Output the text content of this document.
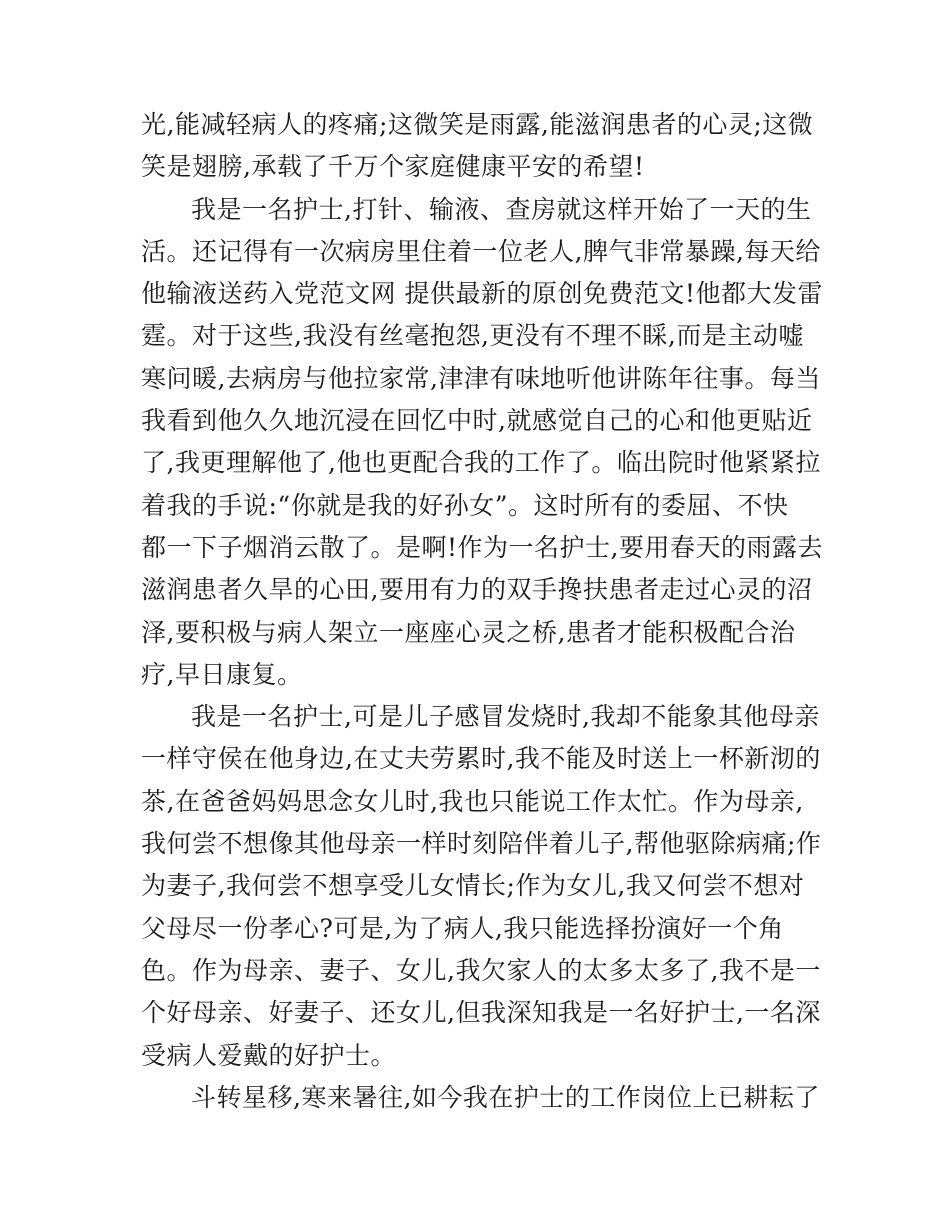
光,能减轻病人的疼痛;这微笑是雨露,能滋润患者的心灵;这微
笑是翅膀,承载了千万个家庭健康平安的希望!
我是一名护士,打针、输液、查房就这样开始了一天的生
活。还记得有一次病房里住着一位老人,脾气非常暴躁,每天给
他输液送药入党范文网 提供最新的原创免费范文!他都大发雷
霆。对于这些,我没有丝毫抱怨,更没有不理不睬,而是主动嘘
寒问暖,去病房与他拉家常,津津有味地听他讲陈年往事。每当
我看到他久久地沉浸在回忆中时,就感觉自己的心和他更贴近
了,我更理解他了,他也更配合我的工作了。临出院时他紧紧拉
着我的手说:“你就是我的好孙女”。这时所有的委屈、不快
都一下子烟消云散了。是啊!作为一名护士,要用春天的雨露去
滋润患者久旱的心田,要用有力的双手搀扶患者走过心灵的沼
泽,要积极与病人架立一座座心灵之桥,患者才能积极配合治
疗,早日康复。
我是一名护士,可是儿子感冒发烧时,我却不能象其他母亲
一样守侯在他身边,在丈夫劳累时,我不能及时送上一杯新沏的
茶,在爸爸妈妈思念女儿时,我也只能说工作太忙。作为母亲,
我何尝不想像其他母亲一样时刻陪伴着儿子,帮他驱除病痛;作
为妻子,我何尝不想享受儿女情长;作为女儿,我又何尝不想对
父母尽一份孝心?可是,为了病人,我只能选择扮演好一个角
色。作为母亲、妻子、女儿,我欠家人的太多太多了,我不是一
个好母亲、好妻子、还女儿,但我深知我是一名好护士,一名深
受病人爱戴的好护士。
斗转星移,寒来暑往,如今我在护士的工作岗位上已耕耘了
